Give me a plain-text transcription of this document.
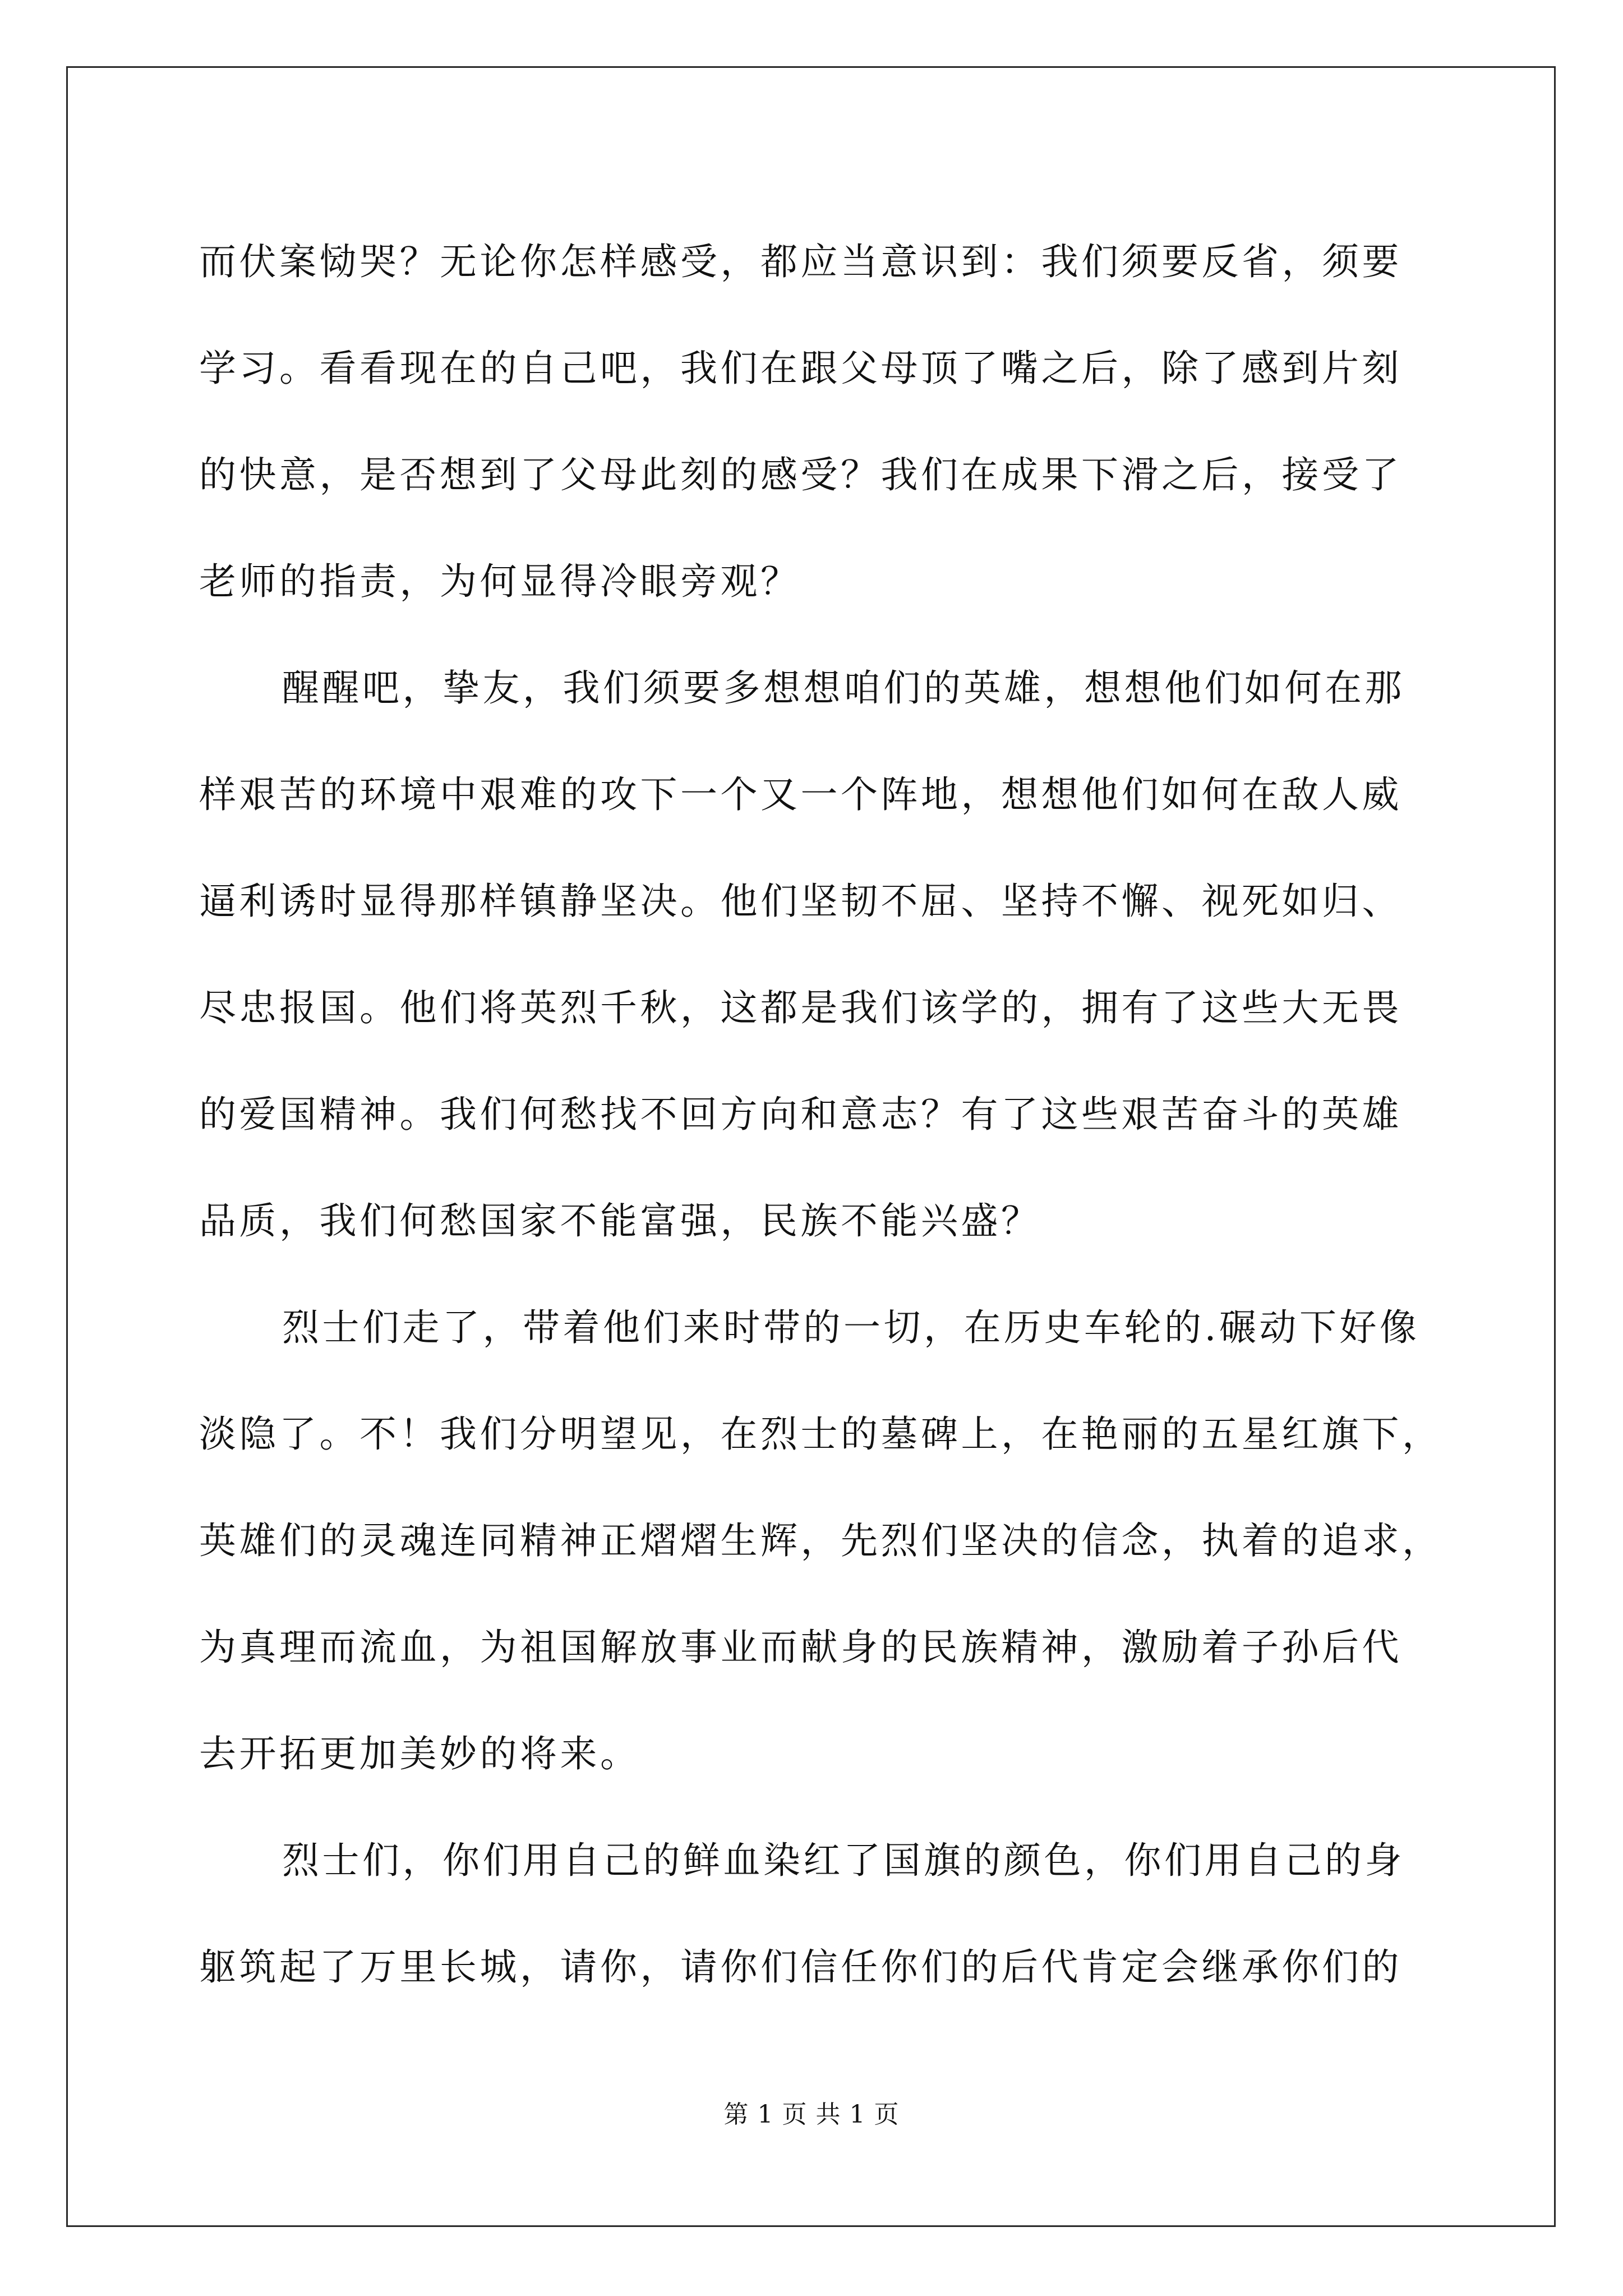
而伏案恸哭？无论你怎样感受，都应当意识到：我们须要反省，须要
学习。看看现在的自己吧，我们在跟父母顶了嘴之后，除了感到片刻
的快意，是否想到了父母此刻的感受？我们在成果下滑之后，接受了
老师的指责，为何显得冷眼旁观？
醒醒吧，挚友，我们须要多想想咱们的英雄，想想他们如何在那
样艰苦的环境中艰难的攻下一个又一个阵地，想想他们如何在敌人威
逼利诱时显得那样镇静坚决。他们坚韧不屈、坚持不懈、视死如归、
尽忠报国。他们将英烈千秋，这都是我们该学的，拥有了这些大无畏
的爱国精神。我们何愁找不回方向和意志？有了这些艰苦奋斗的英雄
品质，我们何愁国家不能富强，民族不能兴盛？
烈士们走了，带着他们来时带的一切，在历史车轮的.碾动下好像
淡隐了。不！我们分明望见，在烈士的墓碑上，在艳丽的五星红旗下，
英雄们的灵魂连同精神正熠熠生辉，先烈们坚决的信念，执着的追求，
为真理而流血，为祖国解放事业而献身的民族精神，激励着子孙后代
去开拓更加美妙的将来。
烈士们，你们用自己的鲜血染红了国旗的颜色，你们用自己的身
躯筑起了万里长城，请你，请你们信任你们的后代肯定会继承你们的
第 1 页 共 1 页
